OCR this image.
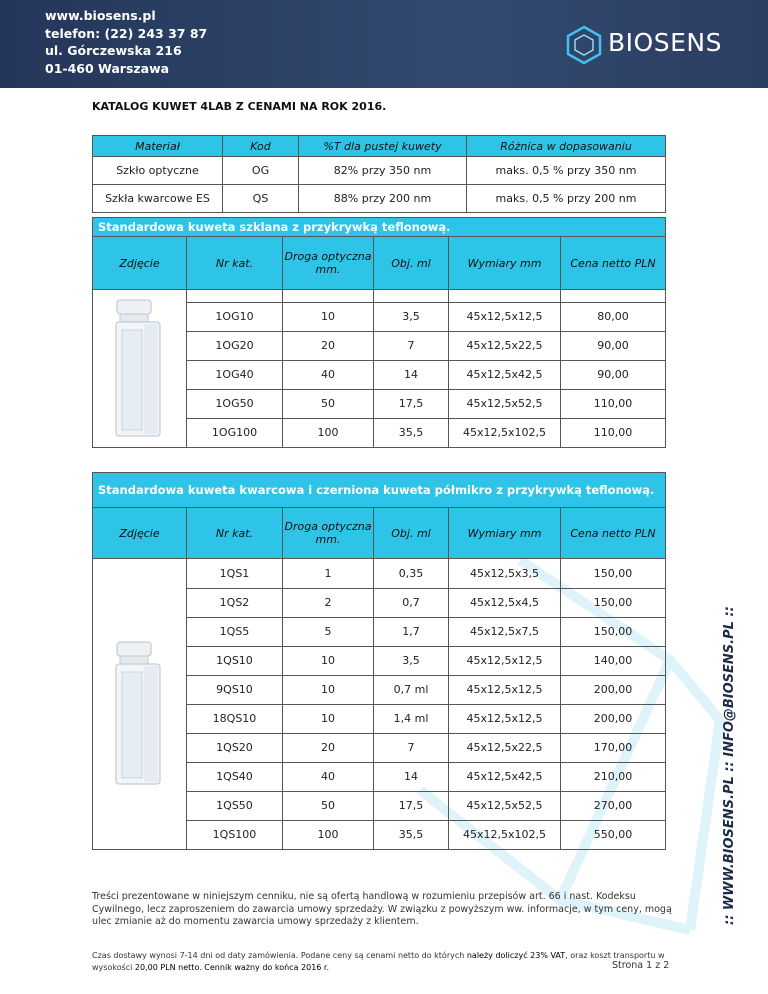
www.biosens.pl
telefon: (22) 243 37 87
ul. Górczewska 216
01-460 Warszawa
BIOSENS
:: WWW.BIOSENS.PL :: INFO@BIOSENS.PL ::
KATALOG KUWET 4LAB Z CENAMI NA ROK 2016.
Materiał	Kod	%T dla pustej kuwety	Różnica w dopasowaniu
Szkło optyczne	OG	82% przy 350 nm	maks. 0,5 % przy 350 nm
Szkła kwarcowe ES	QS	88% przy 200 nm	maks. 0,5 % przy 200 nm
Standardowa kuweta szklana z przykrywką teflonową.					
Zdjęcie	Nr kat.	Droga optyczna mm.	Obj. ml	Wymiary mm	Cena netto PLN

	1OG10	10	3,5	45x12,5x12,5	80,00
	1OG20	20	7	45x12,5x22,5	90,00
	1OG40	40	14	45x12,5x42,5	90,00
	1OG50	50	17,5	45x12,5x52,5	110,00
	1OG100	100	35,5	45x12,5x102,5	110,00
Standardowa kuweta kwarcowa i czerniona kuweta półmikro z przykrywką teflonową.					
Zdjęcie	Nr kat.	Droga optyczna mm.	Obj. ml	Wymiary mm	Cena netto PLN
	1QS1	1	0,35	45x12,5x3,5	150,00
	1QS2	2	0,7	45x12,5x4,5	150,00
	1QS5	5	1,7	45x12,5x7,5	150,00
	1QS10	10	3,5	45x12,5x12,5	140,00
	9QS10	10	0,7 ml	45x12,5x12,5	200,00
	18QS10	10	1,4 ml	45x12,5x12,5	200,00
	1QS20	20	7	45x12,5x22,5	170,00
	1QS40	40	14	45x12,5x42,5	210,00
	1QS50	50	17,5	45x12,5x52,5	270,00
	1QS100	100	35,5	45x12,5x102,5	550,00
Treści prezentowane w niniejszym cenniku, nie są ofertą handlową w rozumieniu przepisów art. 66 i nast. Kodeksu Cywilnego, lecz zaproszeniem do zawarcia umowy sprzedaży. W związku z powyższym ww. informacje, w tym ceny, mogą ulec zmianie aż do momentu zawarcia umowy sprzedaży z klientem.
Czas dostawy wynosi 7-14 dni od daty zamówienia. Podane ceny są cenami netto do których należy doliczyć 23% VAT, oraz koszt transportu w wysokości 20,00 PLN netto. Cennik ważny do końca 2016 r.	Strona 1 z 2
